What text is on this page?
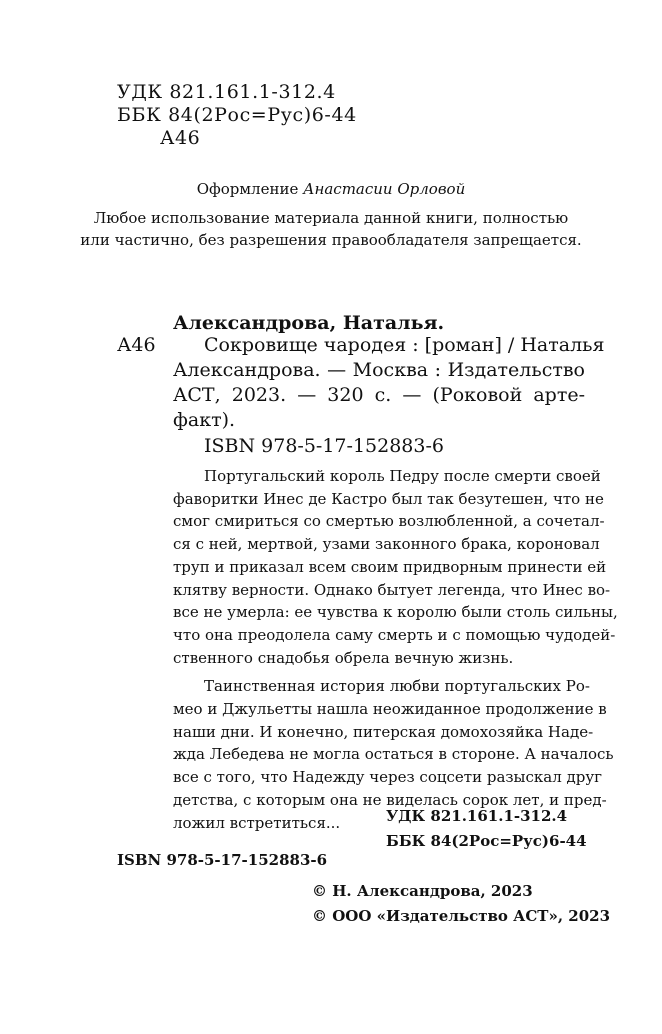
УДК 821.161.1-312.4
ББК 84(2Рос=Рус)6-44
А46
Оформление Анастасии Орловой
Любое использование материала данной книги, полностью
или частично, без разрешения правообладателя запрещается.
Александрова, Наталья.
А46	Сокровище чародея : [роман] / Наталья
Александрова. — Москва : Издательство
АСТ, 2023. — 320 с. — (Роковой арте-
факт).
ISBN 978-5-17-152883-6
Португальский король Педру после смерти своей
фаворитки Инес де Кастро был так безутешен, что не
смог смириться со смертью возлюбленной, а сочетал-
ся с ней, мертвой, узами законного брака, короновал
труп и приказал всем своим придворным принести ей
клятву верности. Однако бытует легенда, что Инес во-
все не умерла: ее чувства к королю были столь сильны,
что она преодолела саму смерть и с помощью чудодей-
ственного снадобья обрела вечную жизнь.
Таинственная история любви португальских Ро-
мео и Джульетты нашла неожиданное продолжение в
наши дни. И конечно, питерская домохозяйка Наде-
жда Лебедева не могла остаться в стороне. А началось
все с того, что Надежду через соцсети разыскал друг
детства, с которым она не виделась сорок лет, и пред-
ложил встретиться...	УДК 821.161.1-312.4
ББК 84(2Рос=Рус)6-44
ISBN 978-5-17-152883-6
© Н. Александрова, 2023
© ООО «Издательство АСТ», 2023
